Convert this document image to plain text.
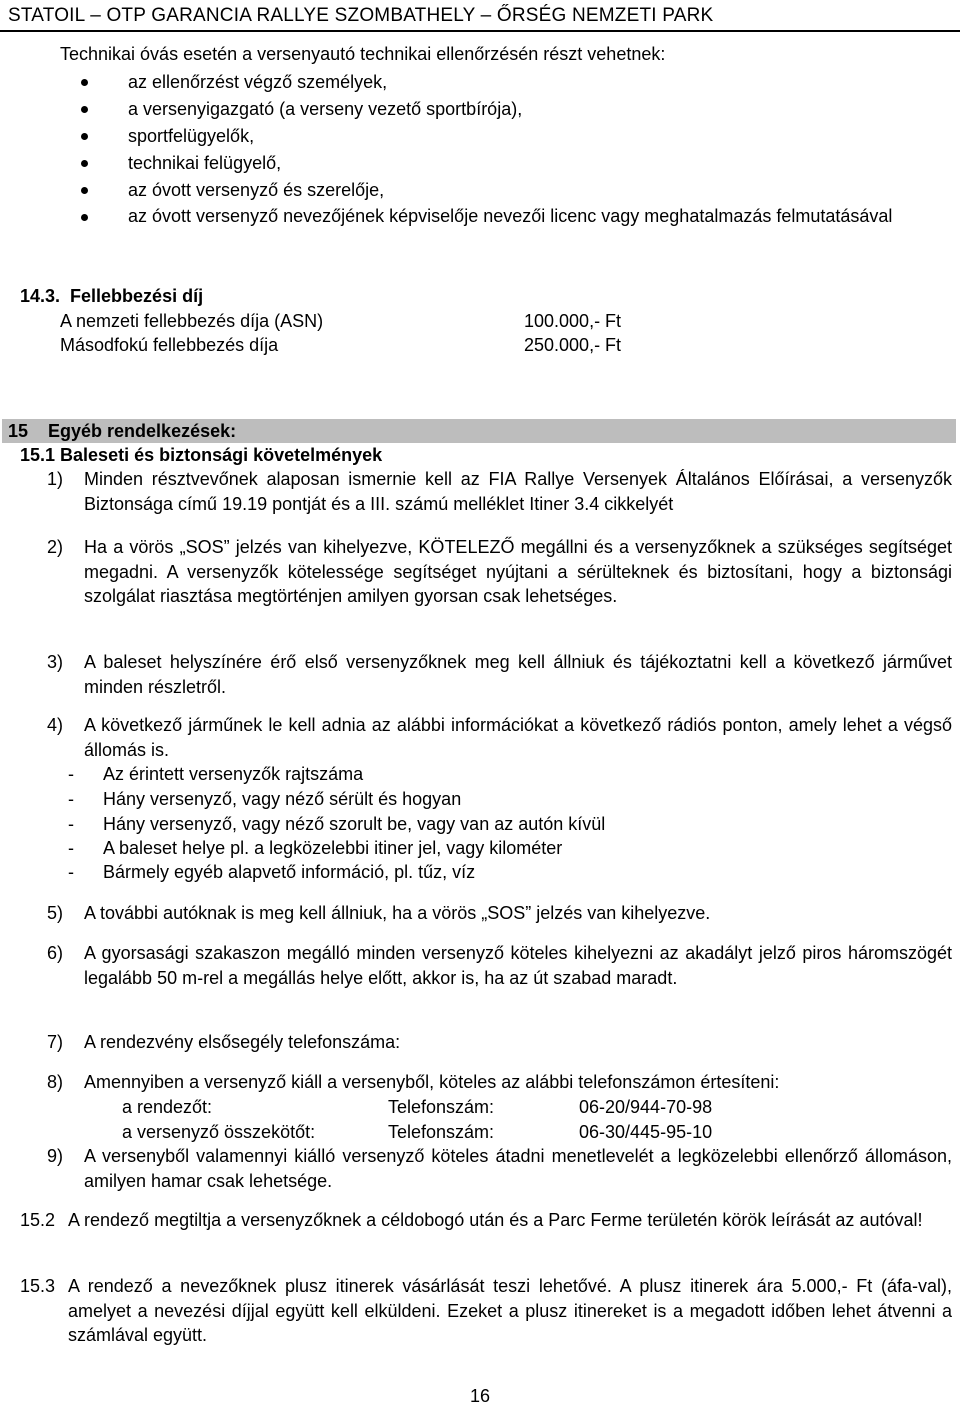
STATOIL – OTP GARANCIA RALLYE SZOMBATHELY – ŐRSÉG NEMZETI PARK
Technikai óvás esetén a versenyautó technikai ellenőrzésén részt vehetnek:
az ellenőrzést végző személyek,
a versenyigazgató (a verseny vezető sportbírója),
sportfelügyelők,
technikai felügyelő,
az óvott versenyző és szerelője,
az óvott versenyző nevezőjének képviselője nevezői licenc vagy meghatalmazás felmutatásával
14.3.  Fellebbezési díj
A nemzeti fellebbezés díja (ASN)	100.000,- Ft
Másodfokú fellebbezés díja	250.000,- Ft
15    Egyéb rendelkezések:
15.1 Baleseti és biztonsági követelmények
1) Minden résztvevőnek alaposan ismernie kell az FIA Rallye Versenyek Általános Előírásai, a versenyzők Biztonsága című 19.19 pontját és a III. számú melléklet Itiner 3.4 cikkelyét
2) Ha a vörös „SOS” jelzés van kihelyezve, KÖTELEZŐ megállni és a versenyzőknek a szükséges segítséget megadni. A versenyzők kötelessége segítséget nyújtani a sérülteknek és biztosítani, hogy a biztonsági szolgálat riasztása megtörténjen amilyen gyorsan csak lehetséges.
3) A baleset helyszínére érő első versenyzőknek meg kell állniuk és tájékoztatni kell a következő járművet minden részletről.
4) A következő járműnek le kell adnia az alábbi információkat a következő rádiós ponton, amely lehet a végső állomás is.
- Az érintett versenyzők rajtszáma
- Hány versenyző, vagy néző sérült és hogyan
- Hány versenyző, vagy néző szorult be, vagy van az autón kívül
- A baleset helye pl. a legközelebbi itiner jel, vagy kilométer
- Bármely egyéb alapvető információ, pl. tűz, víz
5) A további autóknak is meg kell állniuk, ha a vörös „SOS” jelzés van kihelyezve.
6) A gyorsasági szakaszon megálló minden versenyző köteles kihelyezni az akadályt jelző piros háromszögét legalább 50 m-rel a megállás helye előtt, akkor is, ha az út szabad maradt.
7) A rendezvény elsősegély telefonszáma:
8) Amennyiben a versenyző kiáll a versenyből, köteles az alábbi telefonszámon értesíteni:
a rendezőt:	Telefonszám:	06-20/944-70-98
a versenyző összekötőt:	Telefonszám:	06-30/445-95-10
9) A versenyből valamennyi kiálló versenyző köteles átadni menetlevelét a legközelebbi ellenőrző állomáson, amilyen hamar csak lehetsége.
15.2 A rendező megtiltja a versenyzőknek a céldobogó után és a Parc Ferme területén körök leírását az autóval!
15.3 A rendező a nevezőknek plusz itinerek vásárlását teszi lehetővé. A plusz itinerek ára 5.000,- Ft (áfa-val), amelyet a nevezési díjjal együtt kell elküldeni. Ezeket a plusz itinereket is a megadott időben lehet átvenni a számlával együtt.
16
